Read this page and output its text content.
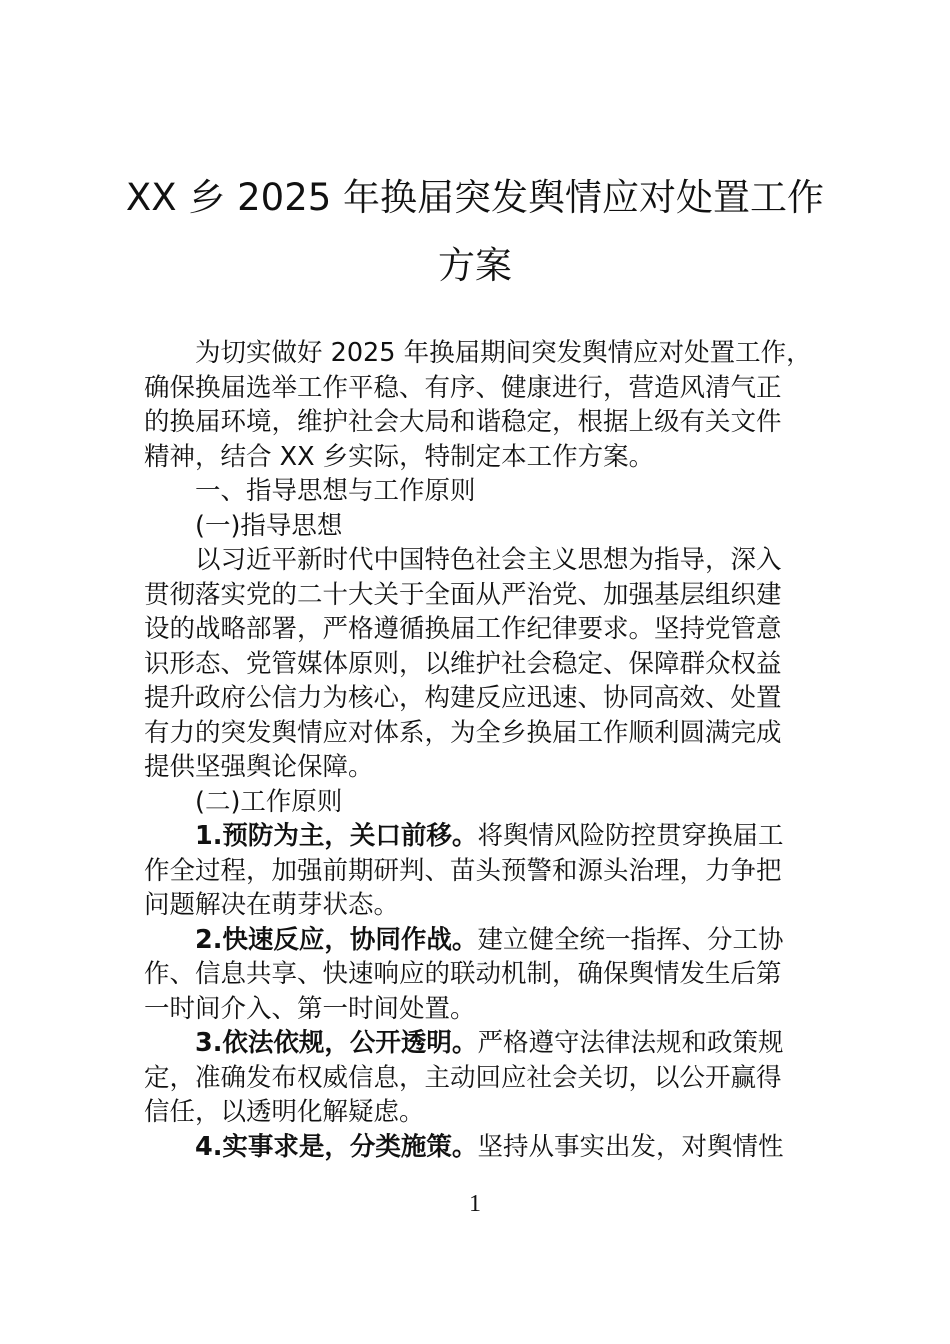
XX 乡 2025 年换届突发舆情应对处置工作
方案
为切实做好 2025 年换届期间突发舆情应对处置工作，
确保换届选举工作平稳、有序、健康进行，营造风清气正
的换届环境，维护社会大局和谐稳定，根据上级有关文件
精神，结合 XX 乡实际，特制定本工作方案。
一、指导思想与工作原则
(一)指导思想
以习近平新时代中国特色社会主义思想为指导，深入
贯彻落实党的二十大关于全面从严治党、加强基层组织建
设的战略部署，严格遵循换届工作纪律要求。坚持党管意
识形态、党管媒体原则，以维护社会稳定、保障群众权益
提升政府公信力为核心，构建反应迅速、协同高效、处置
有力的突发舆情应对体系，为全乡换届工作顺利圆满完成
提供坚强舆论保障。
(二)工作原则
1.预防为主，关口前移。将舆情风险防控贯穿换届工
作全过程，加强前期研判、苗头预警和源头治理，力争把
问题解决在萌芽状态。
2.快速反应，协同作战。建立健全统一指挥、分工协
作、信息共享、快速响应的联动机制，确保舆情发生后第
一时间介入、第一时间处置。
3.依法依规，公开透明。严格遵守法律法规和政策规
定，准确发布权威信息，主动回应社会关切，以公开赢得
信任，以透明化解疑虑。
4.实事求是，分类施策。坚持从事实出发，对舆情性
1
